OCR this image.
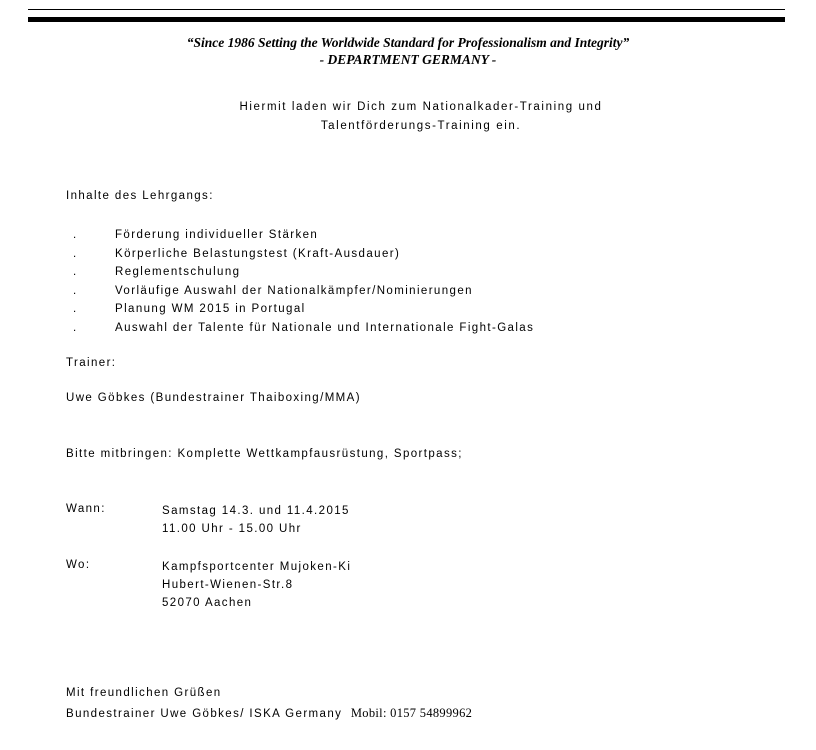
“Since 1986 Setting the Worldwide Standard for Professionalism and Integrity”
- DEPARTMENT GERMANY -
Hiermit laden wir Dich zum Nationalkader-Training und
Talentförderungs-Training ein.
Inhalte des Lehrgangs:
.	Förderung individueller Stärken
.	Körperliche Belastungstest (Kraft-Ausdauer)
.	Reglementschulung
.	Vorläufige Auswahl der Nationalkämpfer/Nominierungen
.	Planung WM 2015 in Portugal
.	Auswahl der Talente für Nationale und Internationale Fight-Galas
Trainer:
Uwe Göbkes (Bundestrainer Thaiboxing/MMA)
Bitte mitbringen: Komplette Wettkampfausrüstung, Sportpass;
Wann:	Samstag 14.3. und 11.4.2015
11.00 Uhr - 15.00 Uhr
Wo:	Kampfsportcenter Mujoken-Ki
Hubert-Wienen-Str.8
52070 Aachen
Mit freundlichen Grüßen
Bundestrainer Uwe Göbkes/ ISKA Germany Mobil: 0157 54899962
